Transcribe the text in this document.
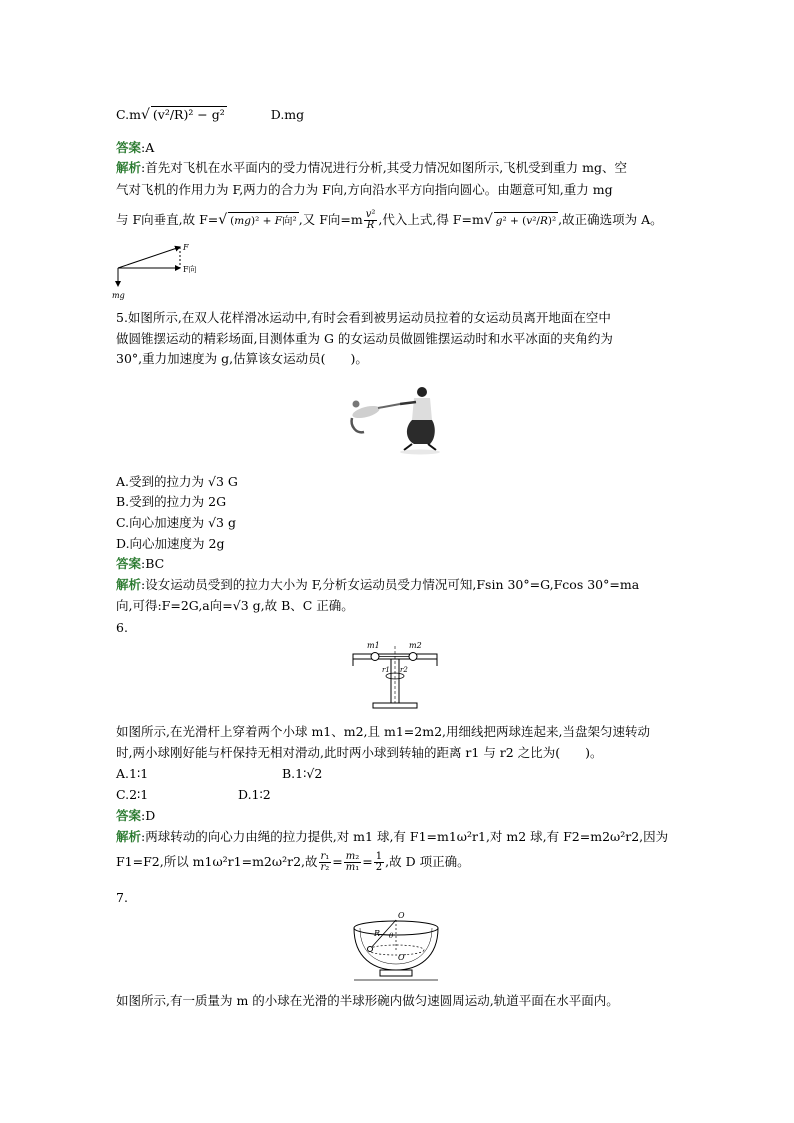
C.m√ (v²/R)² − g²	D.mg
答案:A
解析:首先对飞机在水平面内的受力情况进行分析,其受力情况如图所示,飞机受到重力 mg、空
气对飞机的作用力为 F,两力的合力为 F向,方向沿水平方向指向圆心。由题意可知,重力 mg
与 F向垂直,故 F=√ (mg)² + F向² ,又 F向$=m \frac{\text{v²}}{R}$ ,代入上式,得 F=m√ g² + (v²/R)² ,故正确选项为 A。
F
F向
mg
5.如图所示,在双人花样滑冰运动中,有时会看到被男运动员拉着的女运动员离开地面在空中
做圆锥摆运动的精彩场面,目测体重为 G 的女运动员做圆锥摆运动时和水平冰面的夹角约为
30°,重力加速度为 g,估算该女运动员(　　)。
A.受到的拉力为 √3 G
B.受到的拉力为 2G
C.向心加速度为 √3 g
D.向心加速度为 2g
答案:BC
解析:设女运动员受到的拉力大小为 F,分析女运动员受力情况可知,Fsin 30°=G,Fcos 30°=ma
向,可得:F=2G,a向=√3 g,故 B、C 正确。
6.
m1	m2
r1 r2
如图所示,在光滑杆上穿着两个小球 m1、m2,且 m1=2m2,用细线把两球连起来,当盘架匀速转动
时,两小球刚好能与杆保持无相对滑动,此时两小球到转轴的距离 r1 与 r2 之比为(　　)。
A.1∶1	B.1∶√2
C.2∶1	D.1∶2
答案:D
解析:两球转动的向心力由绳的拉力提供,对 m1 球,有 F1=m1ω²r1,对 m2 球,有 F2=m2ω²r2,因为
F1=F2,所以 m1ω²r1=m2ω²r2,故 $\frac{\text{r₁}}{\text{r₂}} = \frac{\text{m₂}}{\text{m₁}} = \frac{1}{2}$ ,故 D 项正确。
7.
O
R θ
O′
如图所示,有一质量为 m 的小球在光滑的半球形碗内做匀速圆周运动,轨道平面在水平面内。
